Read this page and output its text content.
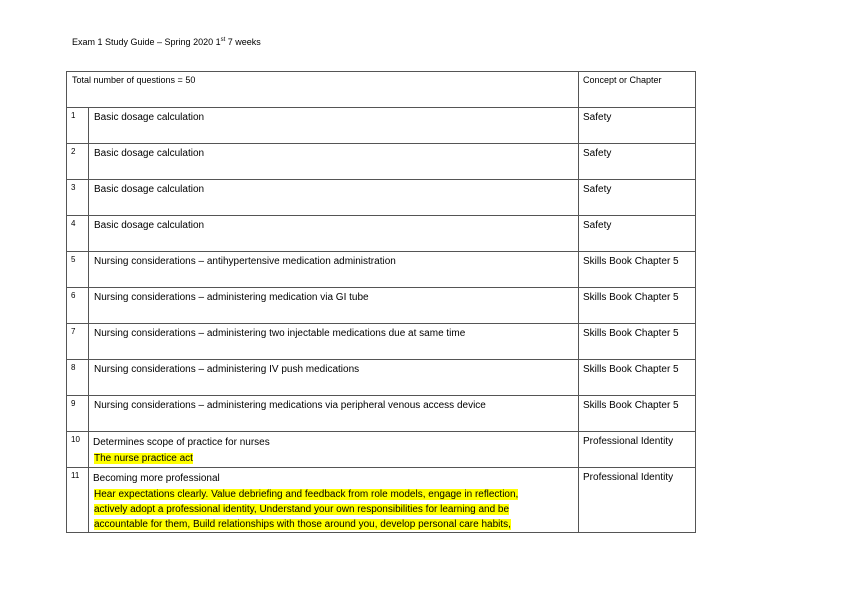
Exam 1 Study Guide – Spring 2020 1st 7 weeks
Total number of questions = 50		Concept or Chapter
1	Basic dosage calculation	Safety
2	Basic dosage calculation	Safety
3	Basic dosage calculation	Safety
4	Basic dosage calculation	Safety
5	Nursing considerations – antihypertensive medication administration	Skills Book Chapter 5
6	Nursing considerations – administering medication via GI tube	Skills Book Chapter 5
7	Nursing considerations – administering two injectable medications due at same time	Skills Book Chapter 5
8	Nursing considerations – administering IV push medications	Skills Book Chapter 5
9	Nursing considerations – administering medications via peripheral venous access device	Skills Book Chapter 5
10	Determines scope of practice for nurses
The nurse practice act	Professional Identity
11	Becoming more professional
Hear expectations clearly. Value debriefing and feedback from role models, engage in reflection,
actively adopt a professional identity, Understand your own responsibilities for learning and be
accountable for them, Build relationships with those around you, develop personal care habits,	Professional Identity
